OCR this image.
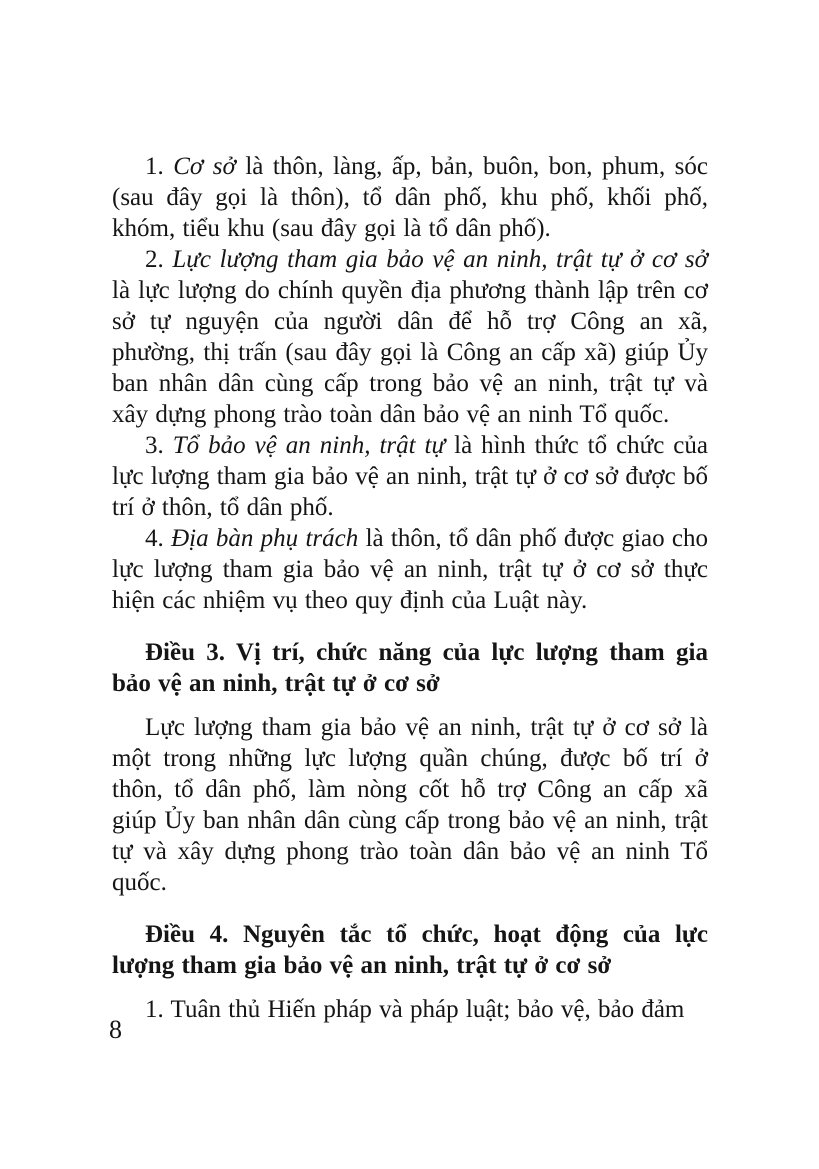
1. Cơ sở là thôn, làng, ấp, bản, buôn, bon, phum, sóc (sau đây gọi là thôn), tổ dân phố, khu phố, khối phố, khóm, tiểu khu (sau đây gọi là tổ dân phố).

2. Lực lượng tham gia bảo vệ an ninh, trật tự ở cơ sở là lực lượng do chính quyền địa phương thành lập trên cơ sở tự nguyện của người dân để hỗ trợ Công an xã, phường, thị trấn (sau đây gọi là Công an cấp xã) giúp Ủy ban nhân dân cùng cấp trong bảo vệ an ninh, trật tự và xây dựng phong trào toàn dân bảo vệ an ninh Tổ quốc.

3. Tổ bảo vệ an ninh, trật tự là hình thức tổ chức của lực lượng tham gia bảo vệ an ninh, trật tự ở cơ sở được bố trí ở thôn, tổ dân phố.

4. Địa bàn phụ trách là thôn, tổ dân phố được giao cho lực lượng tham gia bảo vệ an ninh, trật tự ở cơ sở thực hiện các nhiệm vụ theo quy định của Luật này.

Điều 3. Vị trí, chức năng của lực lượng tham gia bảo vệ an ninh, trật tự ở cơ sở

Lực lượng tham gia bảo vệ an ninh, trật tự ở cơ sở là một trong những lực lượng quần chúng, được bố trí ở thôn, tổ dân phố, làm nòng cốt hỗ trợ Công an cấp xã giúp Ủy ban nhân dân cùng cấp trong bảo vệ an ninh, trật tự và xây dựng phong trào toàn dân bảo vệ an ninh Tổ quốc.

Điều 4. Nguyên tắc tổ chức, hoạt động của lực lượng tham gia bảo vệ an ninh, trật tự ở cơ sở

1. Tuân thủ Hiến pháp và pháp luật; bảo vệ, bảo đảm

8
